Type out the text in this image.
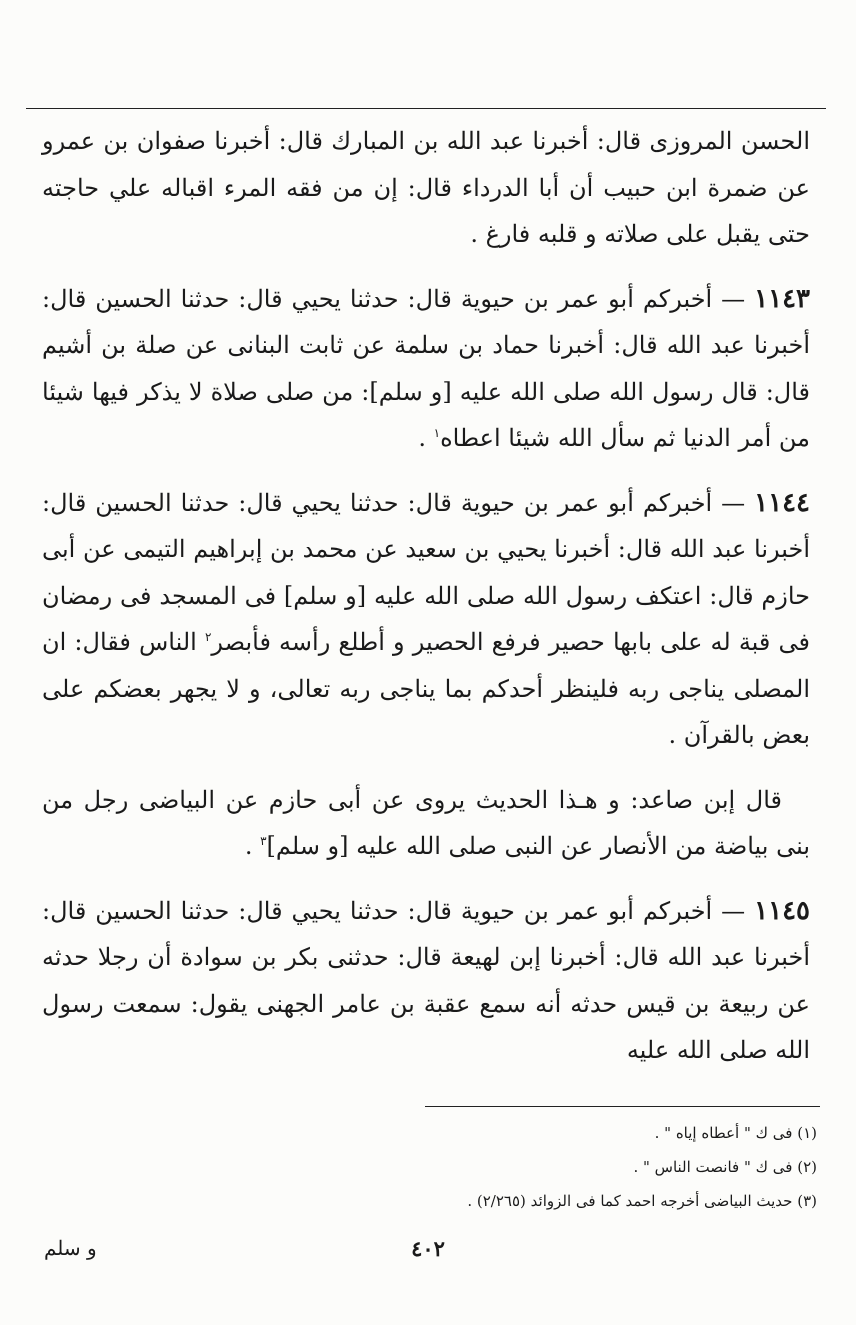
الحسن المروزى قال: أخبرنا عبد الله بن المبارك قال: أخبرنا صفوان بن عمرو عن ضمرة ابن حبيب أن أبا الدرداء قال: إن من فقه المرء اقباله علي حاجته حتى يقبل على صلاته و قلبه فارغ .

١١٤٣ — أخبركم أبو عمر بن حيوية قال: حدثنا يحيي قال: حدثنا الحسين قال: أخبرنا عبد الله قال: أخبرنا حماد بن سلمة عن ثابت البنانى عن صلة بن أشيم قال: قال رسول الله صلى الله عليه [و سلم]: من صلى صلاة لا يذكر فيها شيئا من أمر الدنيا ثم سأل الله شيئا اعطاه$^١$ .

١١٤٤ — أخبركم أبو عمر بن حيوية قال: حدثنا يحيي قال: حدثنا الحسين قال: أخبرنا عبد الله قال: أخبرنا يحيي بن سعيد عن محمد بن إبراهيم التيمى عن أبى حازم قال: اعتكف رسول الله صلى الله عليه [و سلم] فى المسجد فى رمضان فى قبة له على بابها حصير فرفع الحصير و أطلع رأسه فأبصر$^٢$ الناس فقال: ان المصلى يناجى ربه فلينظر أحدكم بما يناجى ربه تعالى، و لا يجهر بعضكم على بعض بالقرآن .

قال إبن صاعد: و هـذا الحديث يروى عن أبى حازم عن البياضى رجل من بنى بياضة من الأنصار عن النبى صلى الله عليه [و سلم]$^٣$ .

١١٤٥ — أخبركم أبو عمر بن حيوية قال: حدثنا يحيي قال: حدثنا الحسين قال: أخبرنا عبد الله قال: أخبرنا إبن لهيعة قال: حدثنى بكر بن سوادة أن رجلا حدثه عن ربيعة بن قيس حدثه أنه سمع عقبة بن عامر الجهنى يقول: سمعت رسول الله صلى الله عليه

(١) فى ك " أعطاه إياه " .

(٢) فى ك " فانصت الناس " .

(٣) حديث البياضى أخرجه احمد كما فى الزوائد (٢/٢٦٥) .

٤٠٢
و سلم
